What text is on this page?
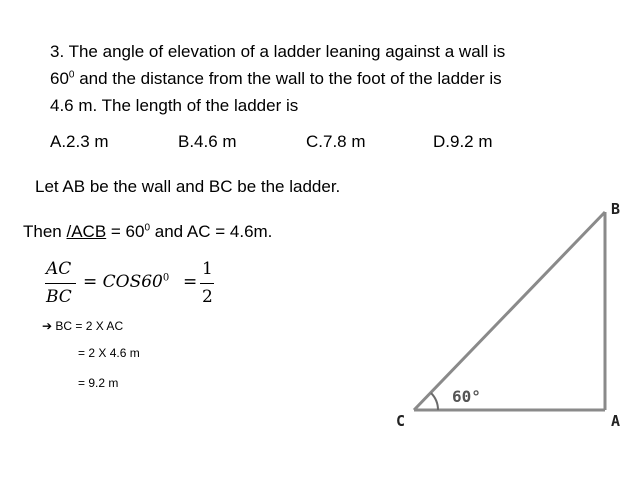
3. The angle of elevation of a ladder leaning against a wall is
$60^0$ and the distance from the wall to the foot of the ladder is
4.6 m. The length of the ladder is
A.2.3 m	B.4.6 m	C.7.8 m	D.9.2 m
Let AB be the wall and BC be the ladder.
Then $/ACB = 60^0$ and AC = 4.6m.
AC
BC
= $COS60^0$ =
1
2
➔ BC = 2 X AC
= 2 X 4.6 m
= 9.2 m
60°
B
C	A
